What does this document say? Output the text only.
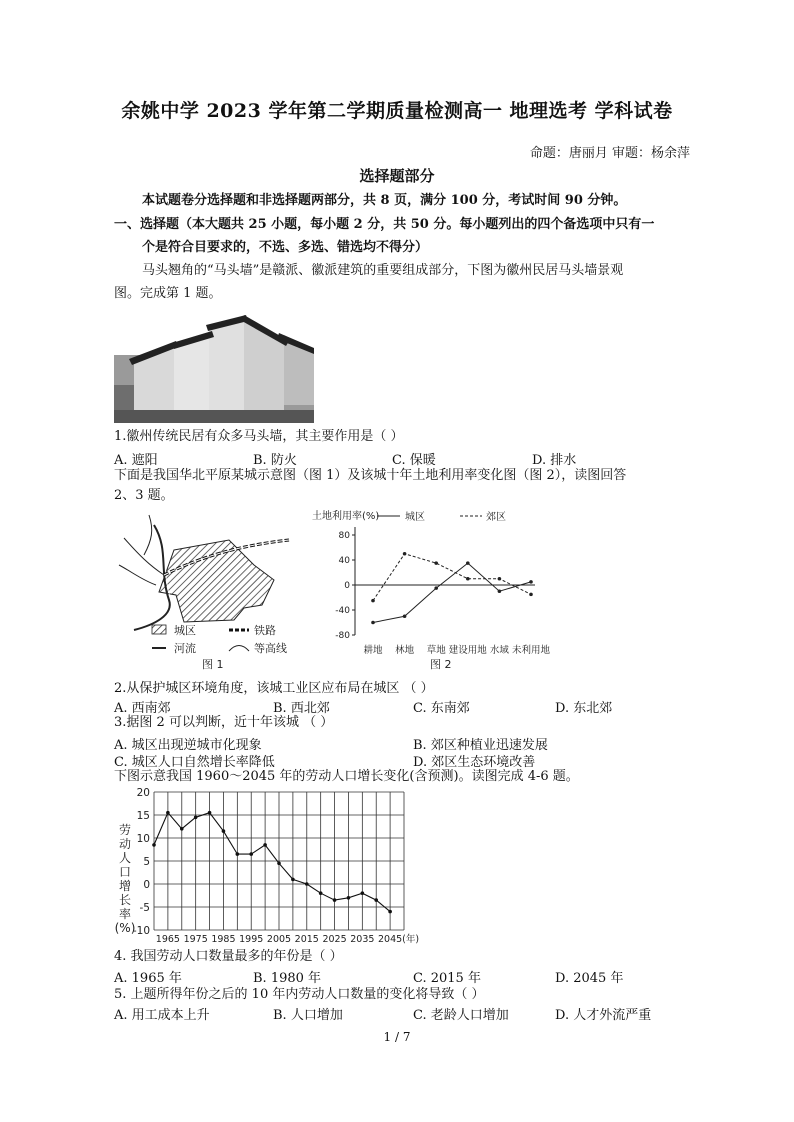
余姚中学 2023 学年第二学期质量检测高一 地理选考 学科试卷
命题：唐丽月 审题：杨余萍
选择题部分
本试题卷分选择题和非选择题两部分，共 8 页，满分 100 分，考试时间 90 分钟。
一、选择题（本大题共 25 小题，每小题 2 分，共 50 分。每小题列出的四个备选项中只有一
个是符合目要求的，不选、多选、错选均不得分）
马头翘角的“马头墙”是赣派、徽派建筑的重要组成部分，下图为徽州民居马头墙景观
图。完成第 1 题。
1.徽州传统民居有众多马头墙，其主要作用是（ ）
A. 遮阳	B. 防火	C. 保暖	D. 排水
下面是我国华北平原某城示意图（图 1）及该城十年土地利用率变化图（图 2），读图回答
2、3 题。
城区	铁路
河流	等高线
图 1
土地利用率(%)	城区	郊区
80
40
0
-40
-80
耕地 林地 草地 建设用地 水域 未利用地
图 2
2.从保护城区环境角度，该城工业区应布局在城区 （ ）
A. 西南郊	B. 西北郊	C. 东南郊	D. 东北郊
3.据图 2 可以判断，近十年该城 （ ）
A. 城区出现逆城市化现象	B. 郊区种植业迅速发展
C. 城区人口自然增长率降低	D. 郊区生态环境改善
下图示意我国 1960～2045 年的劳动人口增长变化(含预测)。读图完成 4-6 题。
劳
动
人
口
增
长
率
(%)
20
15
10
5
0
-5
-10
1965 1975 1985 1995 2005 2015 2025 2035 2045 (年)
4. 我国劳动人口数量最多的年份是（ ）
A. 1965 年	B. 1980 年	C. 2015 年	D. 2045 年
5. 上题所得年份之后的 10 年内劳动人口数量的变化将导致（ ）
A. 用工成本上升	B. 人口增加	C. 老龄人口增加	D. 人才外流严重
1 / 7
